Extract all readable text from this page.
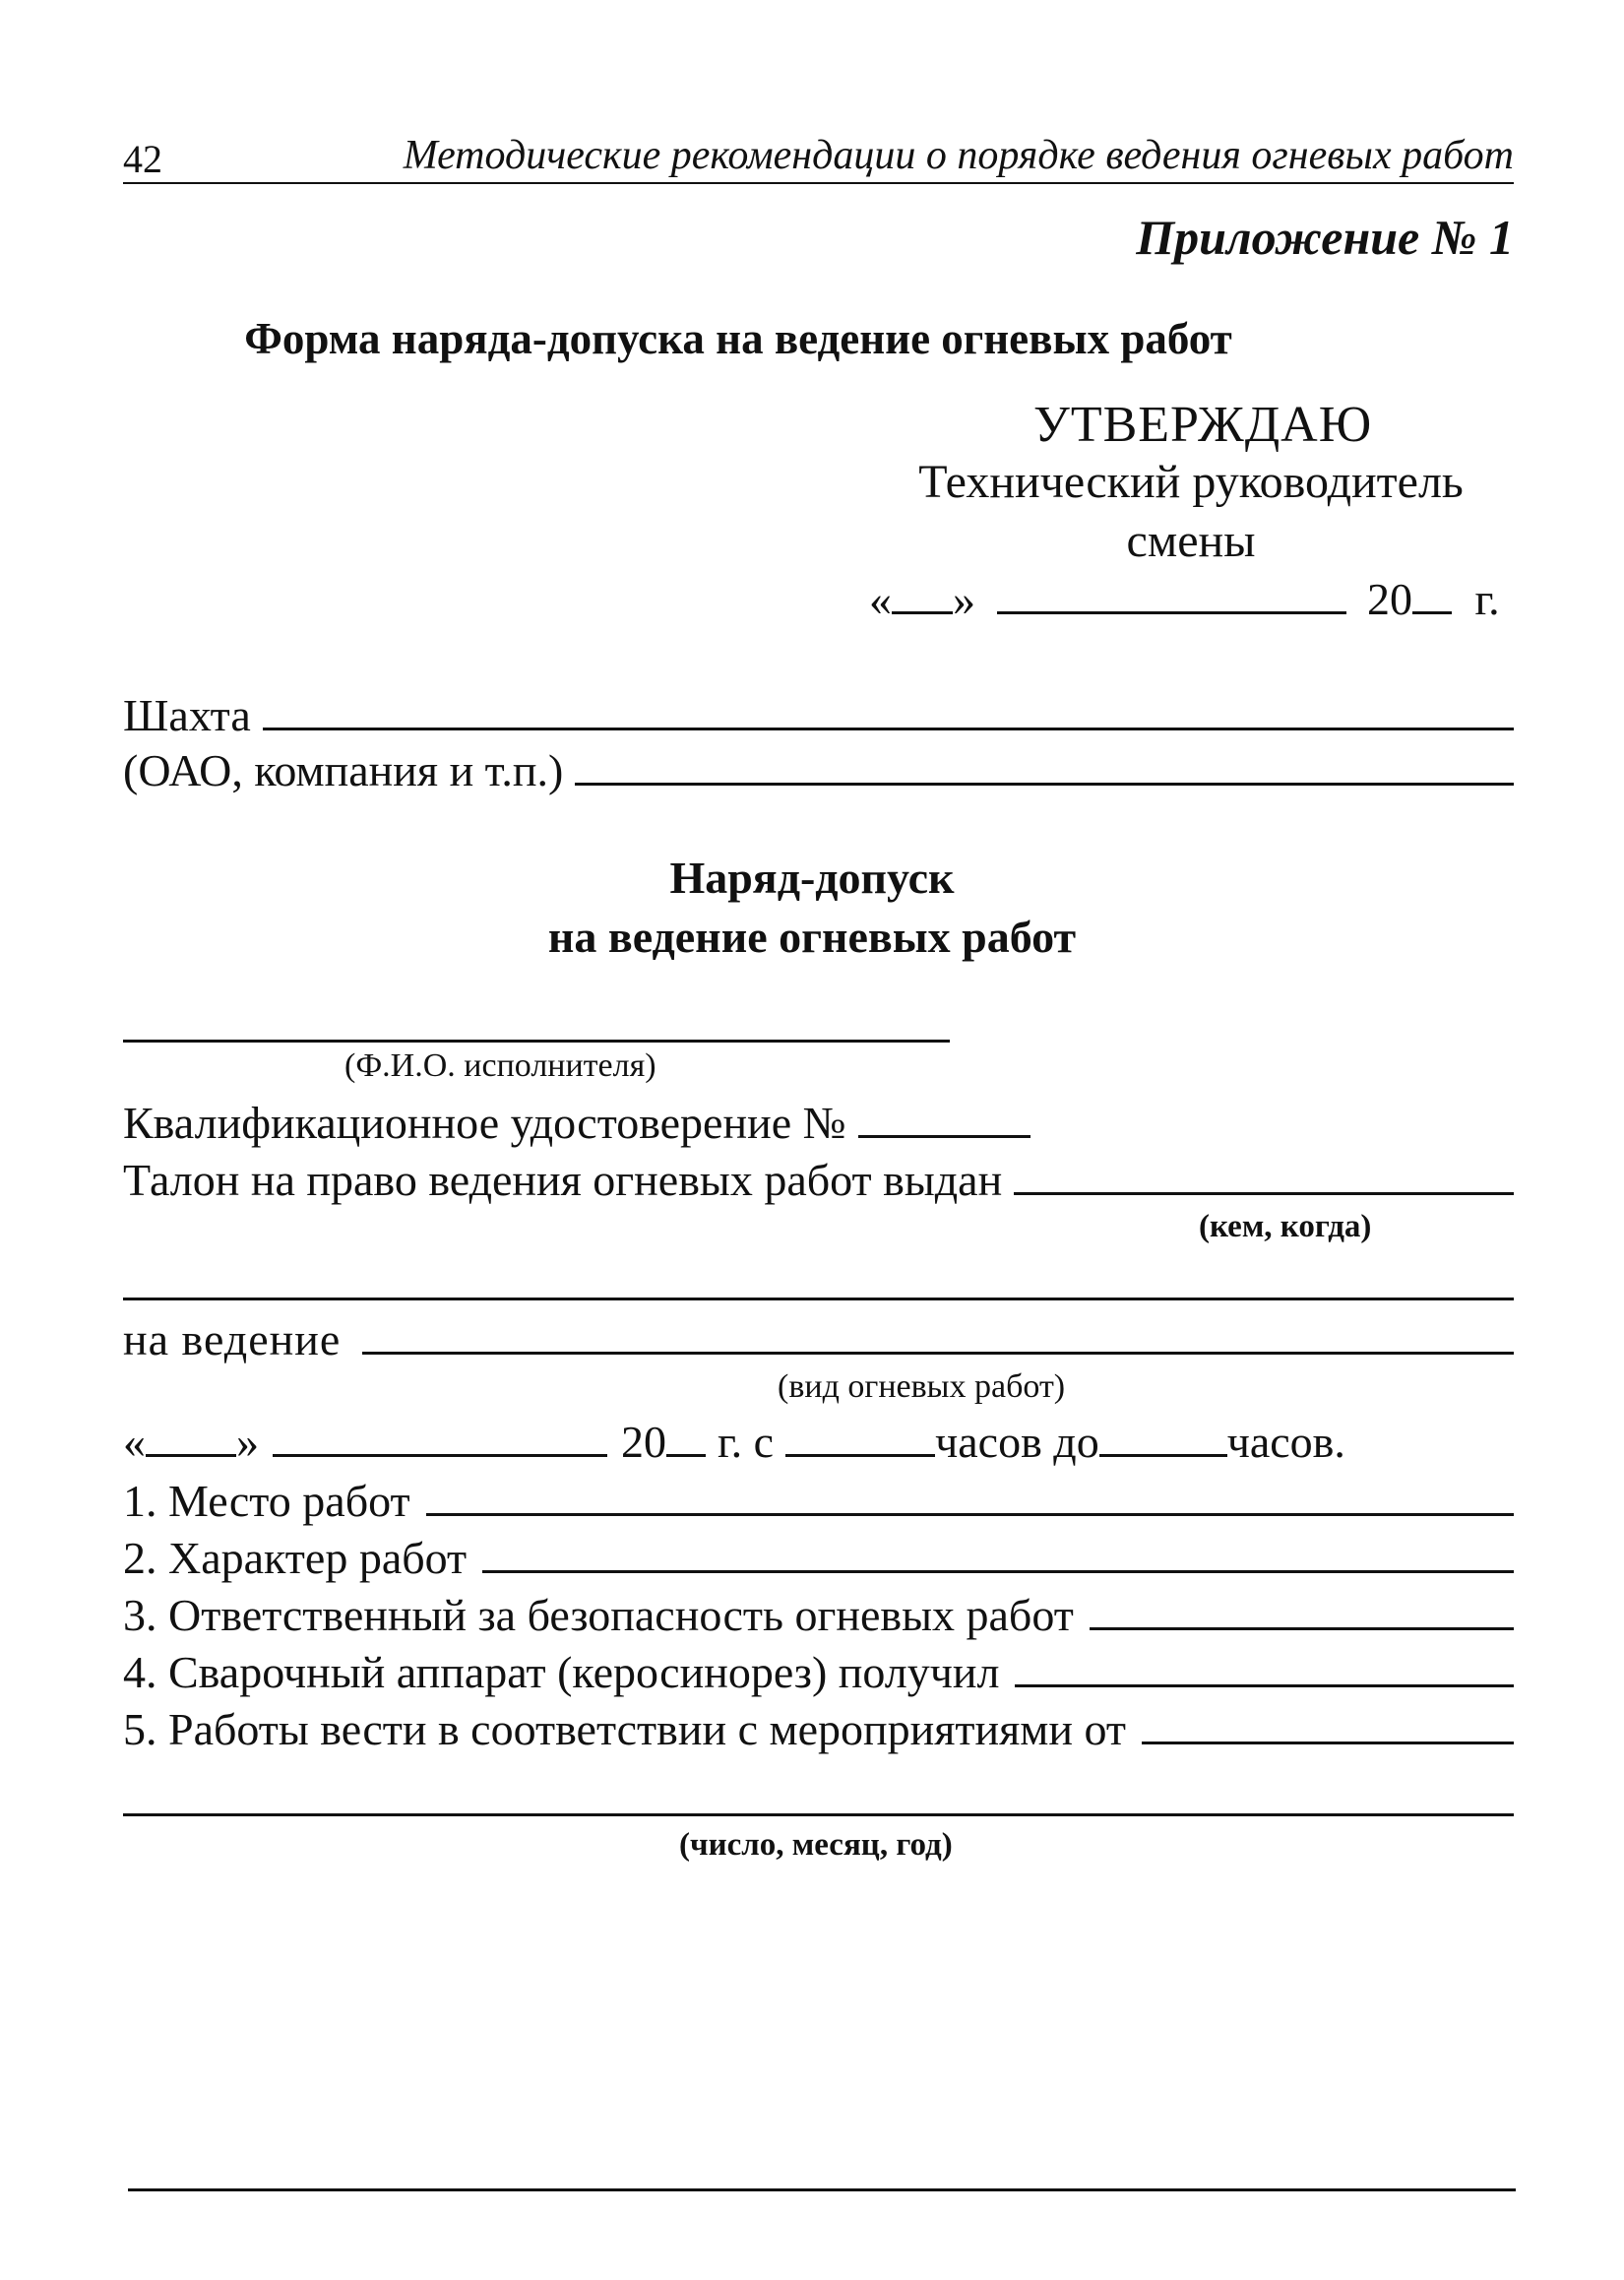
42	Методические рекомендации о порядке ведения огневых работ
Приложение № 1
Форма наряда-допуска на ведение огневых работ
УТВЕРЖДАЮ
Технический руководитель
смены
« »	20 г.
Шахта
(ОАО, компания и т.п.)
Наряд-допуск
на ведение огневых работ
(Ф.И.О. исполнителя)
Квалификационное удостоверение №
Талон на право ведения огневых работ выдан
(кем, когда)
на ведение
(вид огневых работ)
« »	20 г. с	часов до	часов.
1. Место работ
2. Характер работ
3. Ответственный за безопасность огневых работ
4. Сварочный аппарат (керосинорез) получил
5. Работы вести в соответствии с мероприятиями от
(число, месяц, год)
